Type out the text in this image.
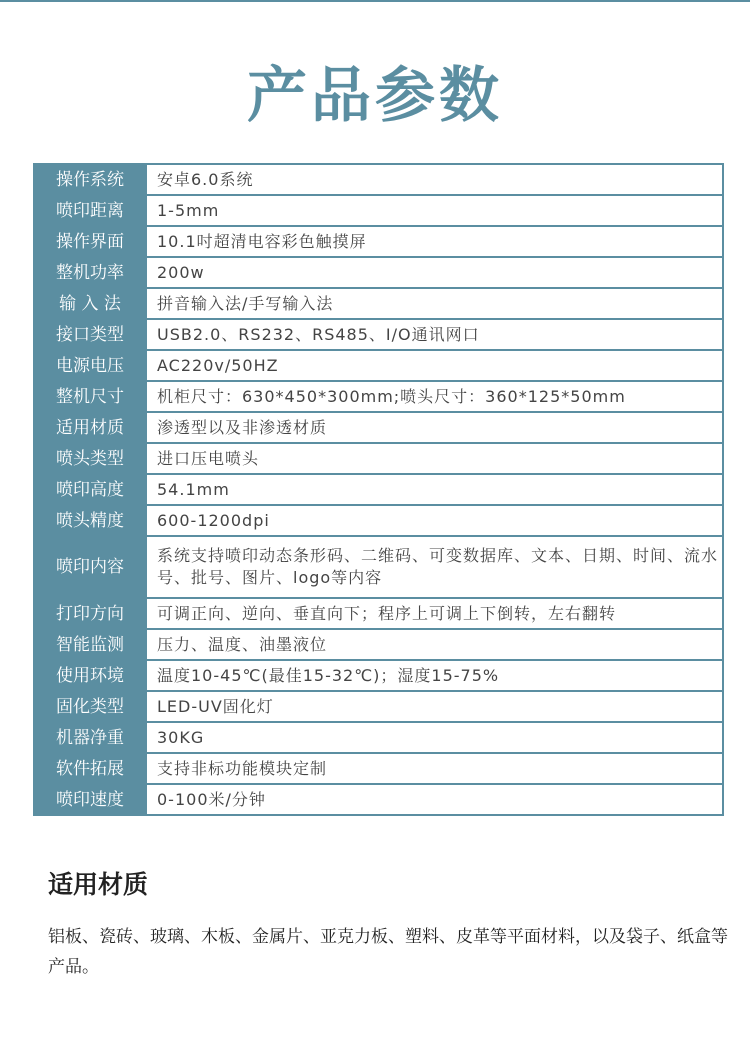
产品参数
操作系统	安卓6.0系统
喷印距离	1-5mm
操作界面	10.1吋超清电容彩色触摸屏
整机功率	200w
输 入 法	拼音输入法/手写输入法
接口类型	USB2.0、RS232、RS485、I/O通讯网口
电源电压	AC220v/50HZ
整机尺寸	机柜尺寸：630*450*300mm;喷头尺寸：360*125*50mm
适用材质	渗透型以及非渗透材质
喷头类型	进口压电喷头
喷印高度	54.1mm
喷头精度	600-1200dpi
喷印内容	系统支持喷印动态条形码、二维码、可变数据库、文本、日期、时间、流水号、批号、图片、logo等内容
打印方向	可调正向、逆向、垂直向下；程序上可调上下倒转，左右翻转
智能监测	压力、温度、油墨液位
使用环境	温度10-45℃(最佳15-32℃)；湿度15-75%
固化类型	LED-UV固化灯
机器净重	30KG
软件拓展	支持非标功能模块定制
喷印速度	0-100米/分钟
适用材质

铝板、瓷砖、玻璃、木板、金属片、亚克力板、塑料、皮革等平面材料，以及袋子、纸盒等产品。
